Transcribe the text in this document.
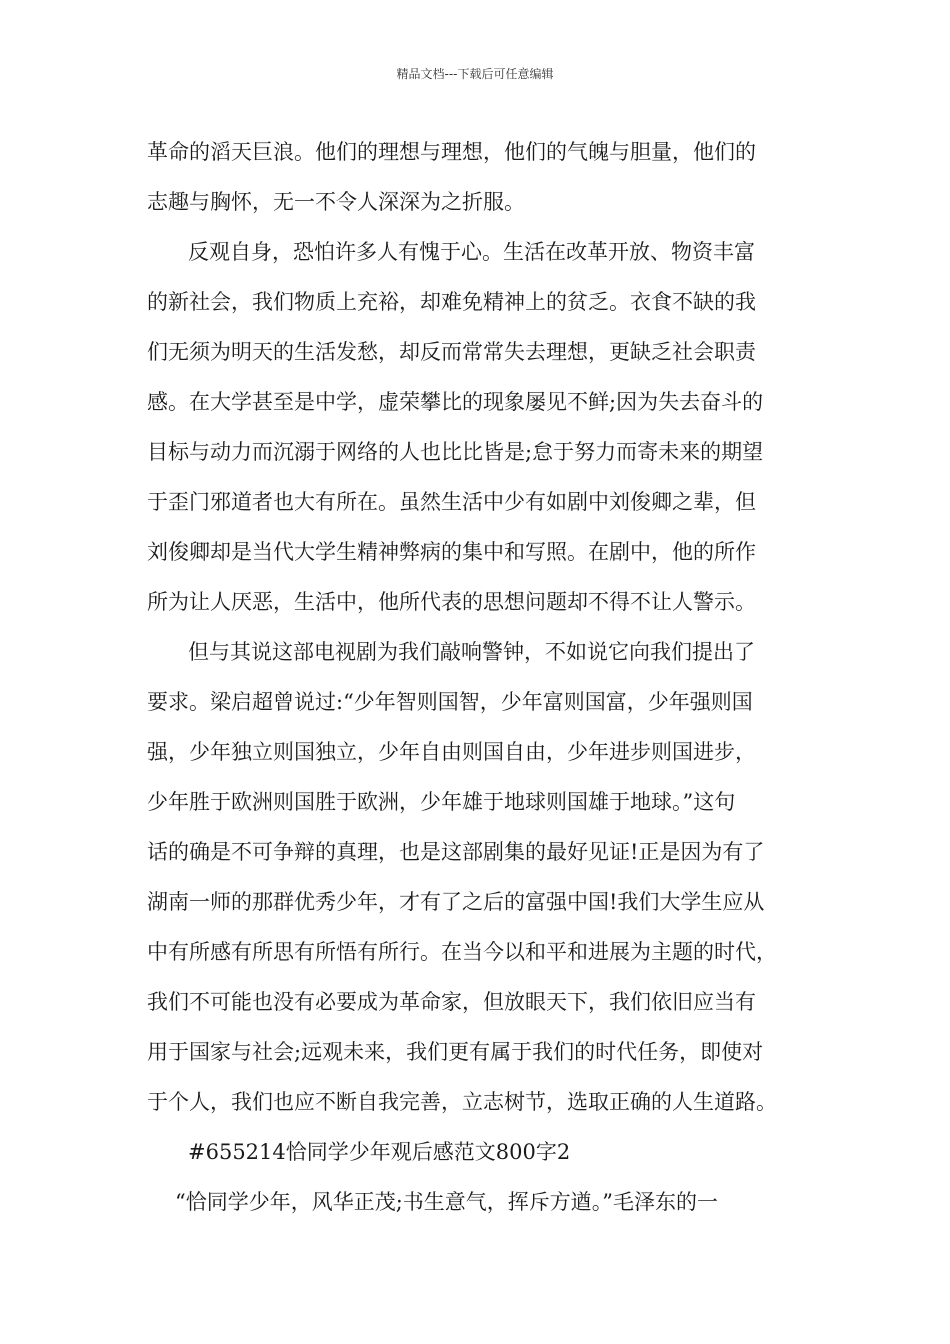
精品文档---下载后可任意编辑
革命的滔天巨浪。他们的理想与理想，他们的气魄与胆量，他们的
志趣与胸怀，无一不令人深深为之折服。
反观自身，恐怕许多人有愧于心。生活在改革开放、物资丰富
的新社会，我们物质上充裕，却难免精神上的贫乏。衣食不缺的我
们无须为明天的生活发愁，却反而常常失去理想，更缺乏社会职责
感。在大学甚至是中学，虚荣攀比的现象屡见不鲜;因为失去奋斗的
目标与动力而沉溺于网络的人也比比皆是;怠于努力而寄未来的期望
于歪门邪道者也大有所在。虽然生活中少有如剧中刘俊卿之辈，但
刘俊卿却是当代大学生精神弊病的集中和写照。在剧中，他的所作
所为让人厌恶，生活中，他所代表的思想问题却不得不让人警示。
但与其说这部电视剧为我们敲响警钟，不如说它向我们提出了
要求。梁启超曾说过:“少年智则国智，少年富则国富，少年强则国
强，少年独立则国独立，少年自由则国自由，少年进步则国进步，
少年胜于欧洲则国胜于欧洲，少年雄于地球则国雄于地球。”这句
话的确是不可争辩的真理，也是这部剧集的最好见证!正是因为有了
湖南一师的那群优秀少年，才有了之后的富强中国!我们大学生应从
中有所感有所思有所悟有所行。在当今以和平和进展为主题的时代，
我们不可能也没有必要成为革命家，但放眼天下，我们依旧应当有
用于国家与社会;远观未来，我们更有属于我们的时代任务，即使对
于个人，我们也应不断自我完善，立志树节，选取正确的人生道路。
#655214恰同学少年观后感范文800字2
“恰同学少年，风华正茂;书生意气，挥斥方遒。”毛泽东的一
